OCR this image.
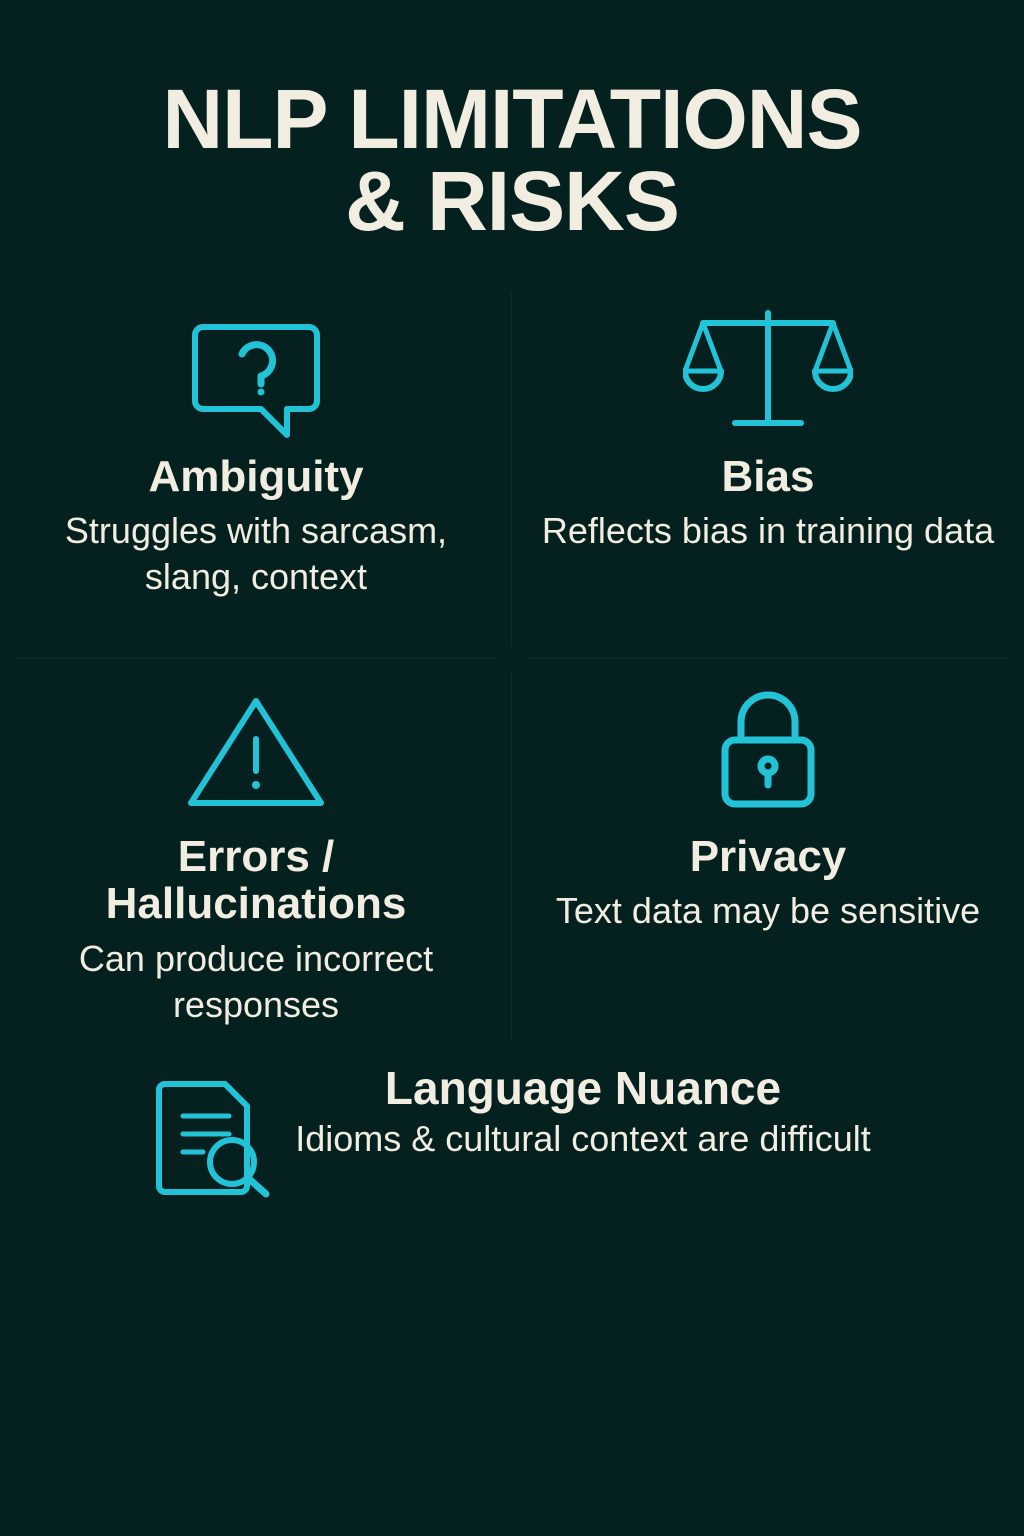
NLP LIMITATIONS
& RISKS
Ambiguity
Struggles with sarcasm, slang, context
Bias
Reflects bias in training data
Errors / Hallucinations
Can produce incorrect responses
Privacy
Text data may be sensitive
Language Nuance
Idioms & cultural context are difficult
